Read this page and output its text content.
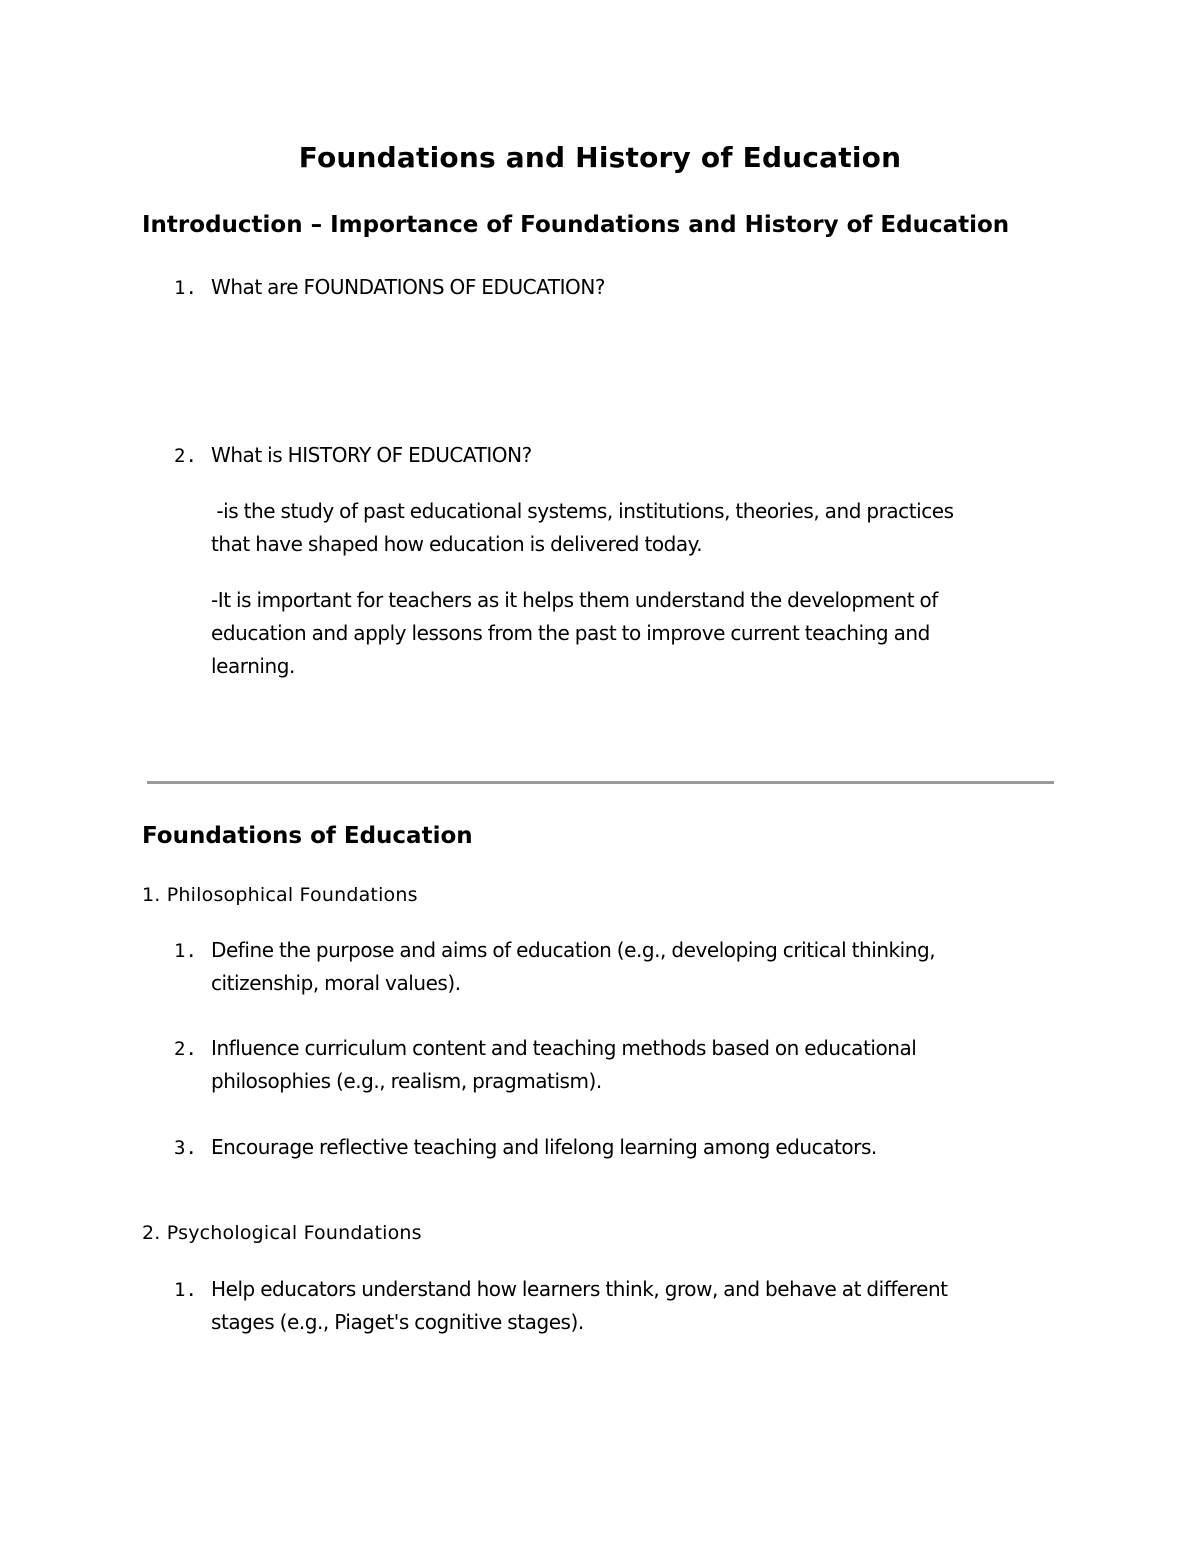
Foundations and History of Education
Introduction – Importance of Foundations and History of Education
1. What are FOUNDATIONS OF EDUCATION?
2. What is HISTORY OF EDUCATION?
-is the study of past educational systems, institutions, theories, and practices
that have shaped how education is delivered today.
-It is important for teachers as it helps them understand the development of
education and apply lessons from the past to improve current teaching and
learning.
Foundations of Education
1. Philosophical Foundations
1. Define the purpose and aims of education (e.g., developing critical thinking,
citizenship, moral values).
2. Influence curriculum content and teaching methods based on educational
philosophies (e.g., realism, pragmatism).
3. Encourage reflective teaching and lifelong learning among educators.
2. Psychological Foundations
1. Help educators understand how learners think, grow, and behave at different
stages (e.g., Piaget's cognitive stages).
